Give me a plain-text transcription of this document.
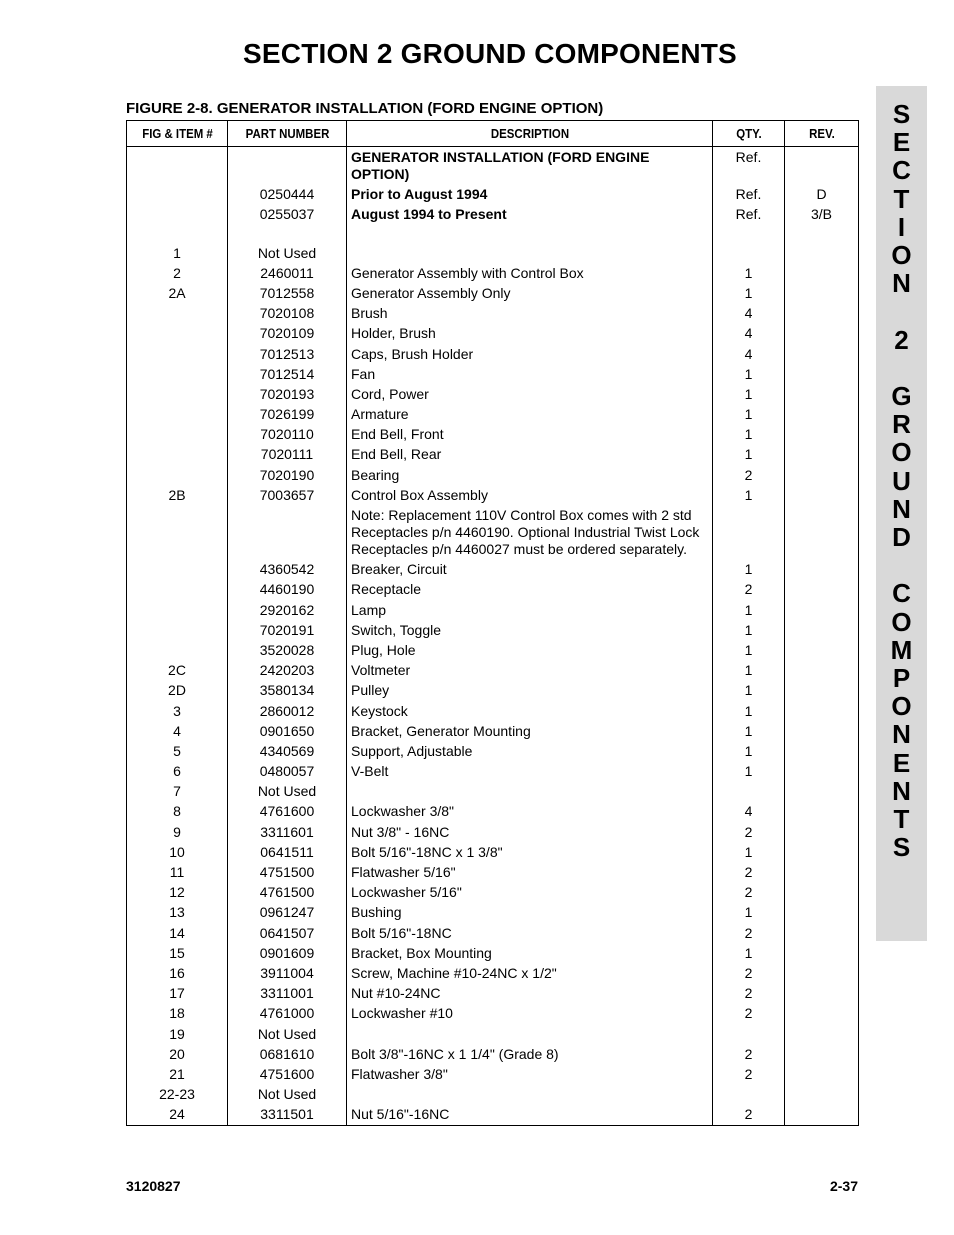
SECTION 2 GROUND COMPONENTS
FIGURE 2-8. GENERATOR INSTALLATION (FORD ENGINE OPTION)	S
E
C
T
I
O
N
2
G
R
O
U
N
D
C
O
M
P
O
N
E
N
T
S
FIG & ITEM #	PART NUMBER	DESCRIPTION	QTY.	REV.
		GENERATOR INSTALLATION (FORD ENGINE OPTION)	Ref.	
	0250444	Prior to August 1994	Ref.	D
	0255037	August 1994 to Present	Ref.	3/B

1	Not Used			
2	2460011	Generator Assembly with Control Box	1	
2A	7012558	Generator Assembly Only	1	
	7020108	Brush	4	
	7020109	Holder, Brush	4	
	7012513	Caps, Brush Holder	4	
	7012514	Fan	1	
	7020193	Cord, Power	1	
	7026199	Armature	1	
	7020110	End Bell, Front	1	
	7020111	End Bell, Rear	1	
	7020190	Bearing	2	
2B	7003657	Control Box Assembly	1	
		Note: Replacement 110V Control Box comes with 2 std Receptacles p/n 4460190. Optional Industrial Twist Lock Receptacles p/n 4460027 must be ordered separately.		
	4360542	Breaker, Circuit	1	
	4460190	Receptacle	2	
	2920162	Lamp	1	
	7020191	Switch, Toggle	1	
	3520028	Plug, Hole	1	
2C	2420203	Voltmeter	1	
2D	3580134	Pulley	1	
3	2860012	Keystock	1	
4	0901650	Bracket, Generator Mounting	1	
5	4340569	Support, Adjustable	1	
6	0480057	V-Belt	1	
7	Not Used			
8	4761600	Lockwasher 3/8"	4	
9	3311601	Nut 3/8" - 16NC	2	
10	0641511	Bolt 5/16"-18NC x 1 3/8"	1	
11	4751500	Flatwasher 5/16"	2	
12	4761500	Lockwasher 5/16"	2	
13	0961247	Bushing	1	
14	0641507	Bolt 5/16"-18NC	2	
15	0901609	Bracket, Box Mounting	1	
16	3911004	Screw, Machine #10-24NC x 1/2"	2	
17	3311001	Nut #10-24NC	2	
18	4761000	Lockwasher #10	2	
19	Not Used			
20	0681610	Bolt 3/8"-16NC x 1 1/4" (Grade 8)	2	
21	4751600	Flatwasher 3/8"	2	
22-23	Not Used			
24	3311501	Nut 5/16"-16NC	2	
3120827	2-37
